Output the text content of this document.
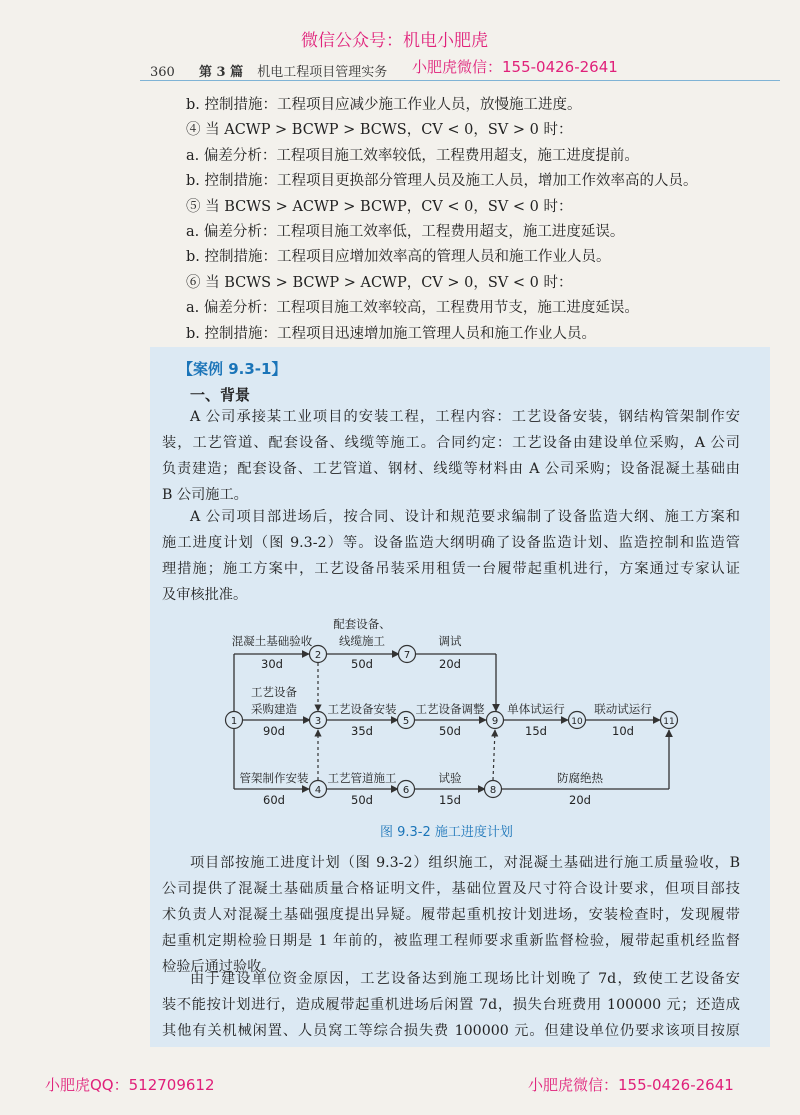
微信公众号：机电小肥虎
小肥虎微信：155-0426-2641
360 第 3 篇 机电工程项目管理实务
b. 控制措施：工程项目应减少施工作业人员，放慢施工进度。
④ 当 ACWP > BCWP > BCWS，CV < 0，SV > 0 时：
a. 偏差分析：工程项目施工效率较低，工程费用超支，施工进度提前。
b. 控制措施：工程项目更换部分管理人员及施工人员，增加工作效率高的人员。
⑤ 当 BCWS > ACWP > BCWP，CV < 0，SV < 0 时：
a. 偏差分析：工程项目施工效率低，工程费用超支，施工进度延误。
b. 控制措施：工程项目应增加效率高的管理人员和施工作业人员。
⑥ 当 BCWS > BCWP > ACWP，CV > 0，SV < 0 时：
a. 偏差分析：工程项目施工效率较高，工程费用节支，施工进度延误。
b. 控制措施：工程项目迅速增加施工管理人员和施工作业人员。
【案例 9.3-1】
一、背景
A 公司承接某工业项目的安装工程，工程内容：工艺设备安装，钢结构管架制作安
装，工艺管道、配套设备、线缆等施工。合同约定：工艺设备由建设单位采购，A 公司
负责建造；配套设备、工艺管道、钢材、线缆等材料由 A 公司采购；设备混凝土基础由
B 公司施工。
A 公司项目部进场后，按合同、设计和规范要求编制了设备监造大纲、施工方案和
施工进度计划（图 9.3-2）等。设备监造大纲明确了设备监造计划、监造控制和监造管
理措施；施工方案中，工艺设备吊装采用租赁一台履带起重机进行，方案通过专家认证
及审核批准。
1
2
3
4
5
6
7
8
9	10	11
混凝土基础验收
配套设备、
线缆施工	调试
工艺设备
采购建造	工艺设备安装 工艺设备调整 单体试运行	联动试运行
管架制作安装 工艺管道施工	试验	防腐绝热
30d	50d	20d
90d	35d	50d	15d	10d
60d	50d	15d	20d
图 9.3-2 施工进度计划
项目部按施工进度计划（图 9.3-2）组织施工，对混凝土基础进行施工质量验收，B
公司提供了混凝土基础质量合格证明文件，基础位置及尺寸符合设计要求，但项目部技
术负责人对混凝土基础强度提出异疑。履带起重机按计划进场，安装检查时，发现履带
起重机定期检验日期是 1 年前的，被监理工程师要求重新监督检验，履带起重机经监督
检验后通过验收。
由于建设单位资金原因，工艺设备达到施工现场比计划晚了 7d，致使工艺设备安
装不能按计划进行，造成履带起重机进场后闲置 7d，损失台班费用 100000 元；还造成
其他有关机械闲置、人员窝工等综合损失费 100000 元。但建设单位仍要求该项目按原
小肥虎QQ：512709612	小肥虎微信：155-0426-2641
